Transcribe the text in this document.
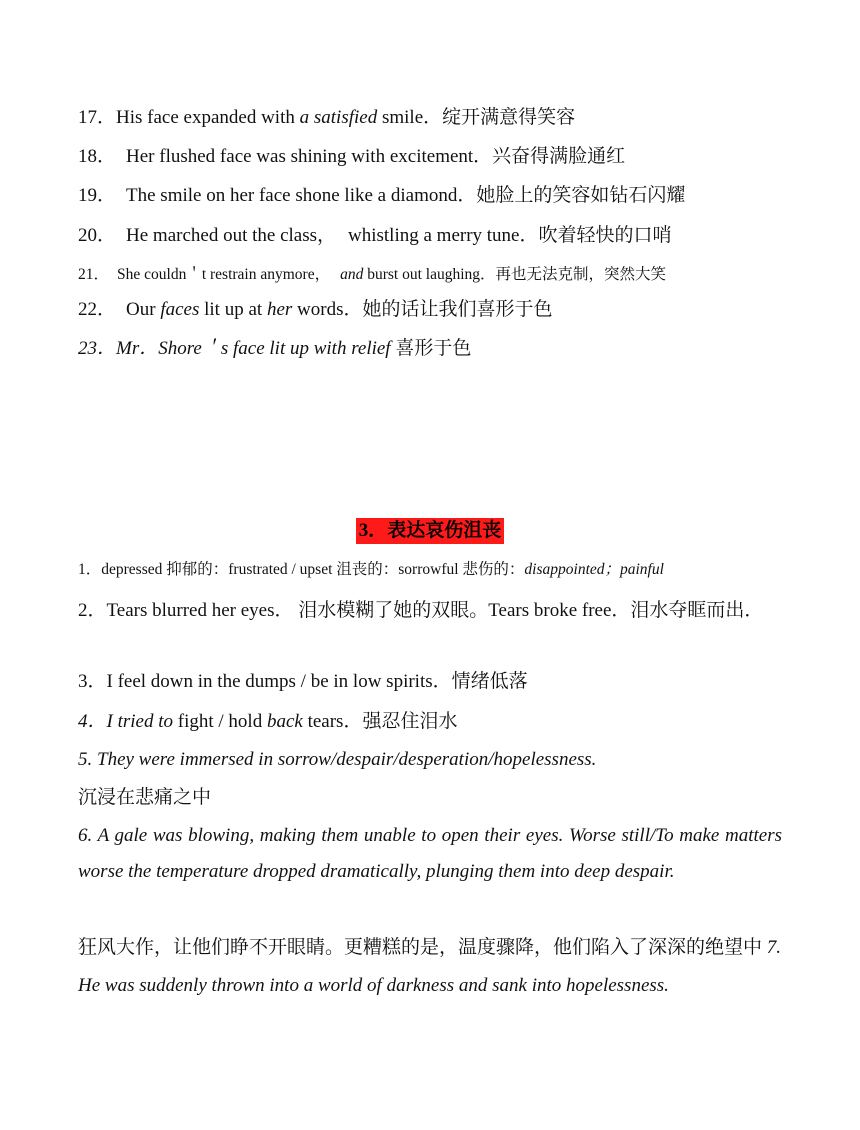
17．His face expanded with a satisfied smile．绽开满意得笑容
18． Her flushed face was shining with excitement．兴奋得满脸通红
19． The smile on her face shone like a diamond．她脸上的笑容如钻石闪耀
20． He marched out the class， whistling a merry tune．吹着轻快的口哨
21． She couldn＇t restrain anymore， and burst out laughing．再也无法克制，突然大笑
22． Our faces lit up at her words．她的话让我们喜形于色
23．Mr．Shore＇s face lit up with relief 喜形于色
3．表达哀伤沮丧
1．depressed 抑郁的：frustrated / upset 沮丧的：sorrowful 悲伤的：disappointed；painful
2．Tears blurred her eyes． 泪水模糊了她的双眼。Tears broke free．泪水夺眶而出．
3．I feel down in the dumps / be in low spirits．情绪低落
4．I tried to fight / hold back tears．强忍住泪水
5. They were immersed in sorrow/despair/desperation/hopelessness.
沉浸在悲痛之中
6. A gale was blowing, making them unable to open their eyes. Worse still/To make matters worse the temperature dropped dramatically, plunging them into deep despair.
狂风大作，让他们睁不开眼睛。更糟糕的是，温度骤降，他们陷入了深深的绝望中 7. He was suddenly thrown into a world of darkness and sank into hopelessness.
